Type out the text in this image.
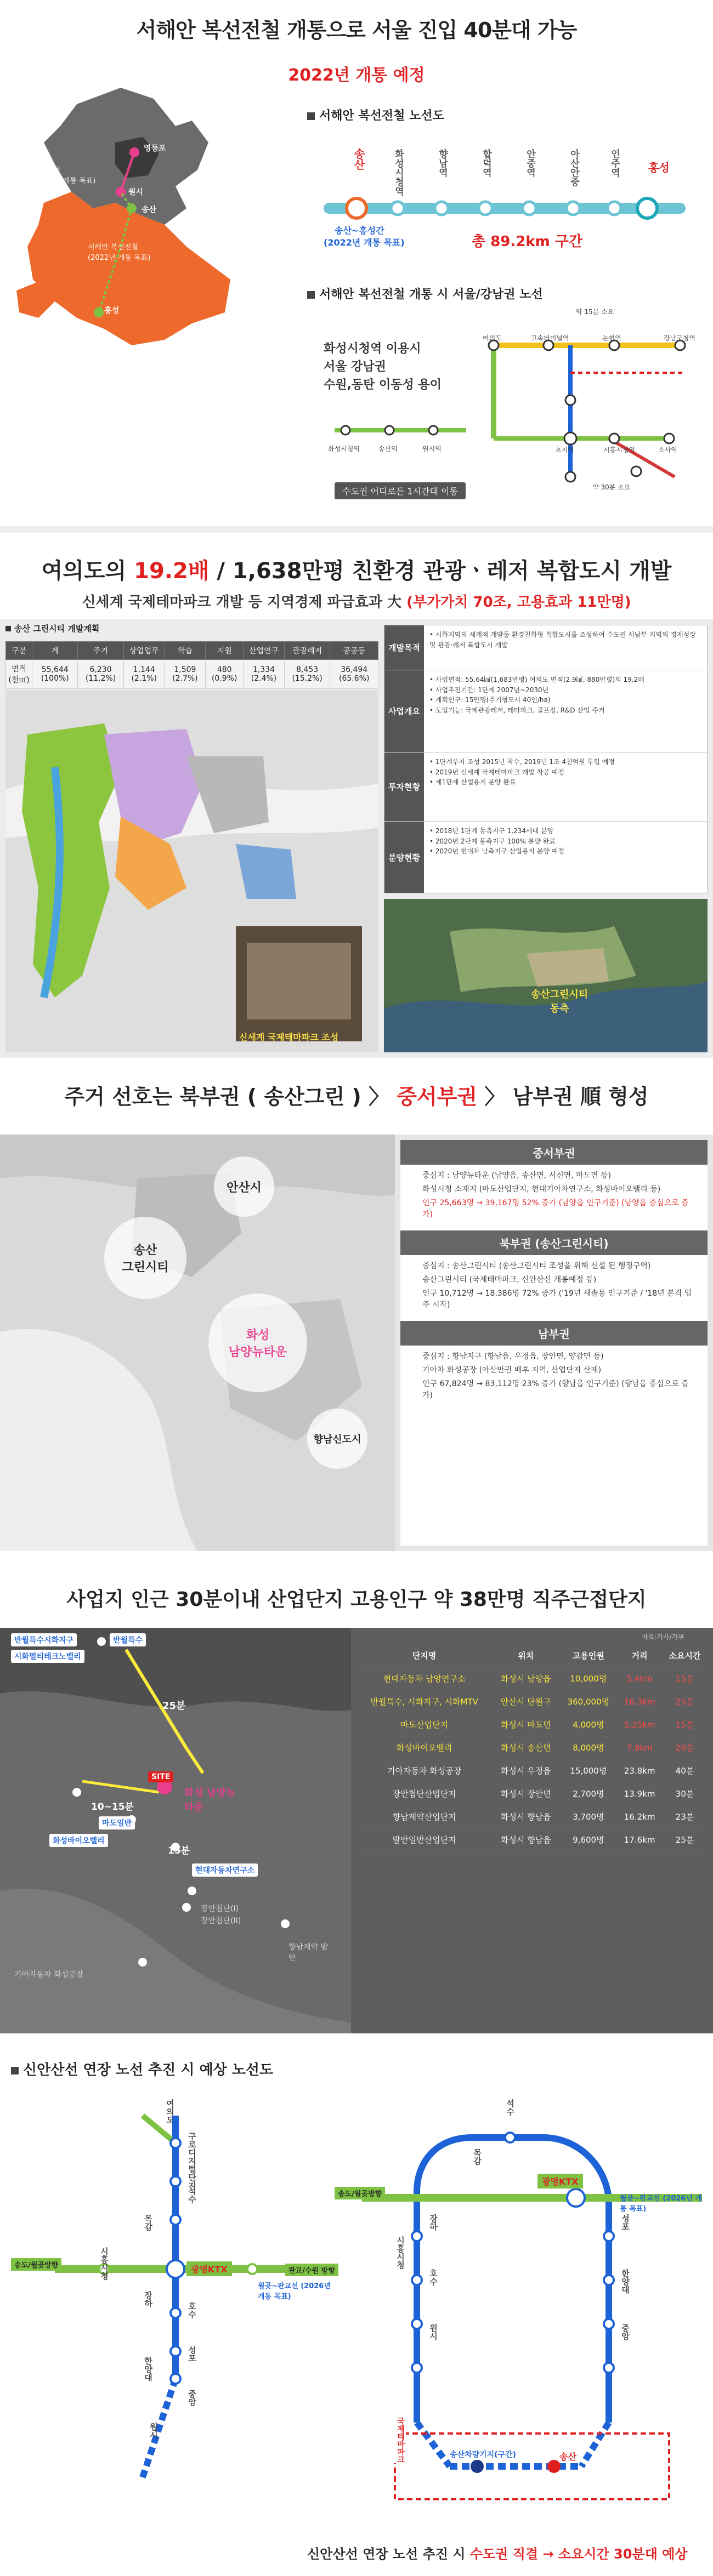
서해안 복선전철 개통으로 서울 진입 40분대 가능
2022년 개통 예정
영등포
원시
송산
신안산선
(2024년 개통 목표)
서해안 복선전철
(2022년 개통 목표)
홍성
서해안 복선전철 노선도
송산	홍성
화성시청역	향남역	합덕역	안중역	아산안중	인주역
송산~홍성간
(2022년 개통 목표)	총 89.2km 구간
서해안 복선전철 개통 시 서울/강남권 노선
화성시청역 이용시
서울 강남권
수원,동탄 이동성 용이
약 15분 소요
약 30분 소요
여의도	고속터미널역	논현역	강남구청역
화성시청역	송산역	원시역	초지역	시흥시청역	소사역
수도권 어디로든 1시간대 이동
여의도의 19.2배 / 1,638만평 친환경 관광ㆍ레저 복합도시 개발
신세계 국제테마파크 개발 등 지역경제 파급효과 大 (부가가치 70조, 고용효과 11만명)
송산 그린시티 개발계획
구분	계	주거	상업업무	학습	지원	산업연구	관광레저	공공등
면적(천㎡)	55,644 (100%)	6,230 (11.2%)	1,144 (2.1%)	1,509 (2.7%)	480 (0.9%)	1,334 (2.4%)	8,453 (15.2%)	36,494 (65.6%)
신세계 국제테마파크 조성
개발목적
• 시화지역의 세계적 개발등 환경친화형 복합도시를 조성하여 수도권 서남부 지역의 경제성장 및 관광·레저 복합도시 개발
사업개요
• 사업면적: 55.64㎢(1,683만평) 여의도 면적(2.9㎢, 880만평)의 19.2배
• 사업추진기간: 1단계 2007년~2030년
• 계획인구: 15만명(주거형도시 40인/ha)
• 도입기능: 국제관광레저, 테마파크, 골프장, R&D 산업 주거
투자현황
• 1단계부지 조성 2015년 착수, 2019년 1조 4천억원 투입 예정
• 2019년 신세계 국제테마파크 개발 착공 예정
• 제1단계 산업용지 분양 완료
분양현황
• 2018년 1단계 동측지구 1,234세대 분양
• 2020년 2단계 동측지구 100% 분양 완료
• 2020년 현대차 남측지구 산업용지 분양 예정
송산그린시티
동측
주거 선호는 북부권 ( 송산그린 ) 〉 중서부권 〉 남부권 順 형성
안산시
송산
그린시티
화성
남양뉴타운
향남신도시
중서부권
중심지 : 남양뉴타운 (남양읍, 송산면, 서신면, 마도면 등)
화성시청 소재지 (마도산업단지, 현대기아차연구소, 화성바이오밸리 등)
인구 25,663명 → 39,167명 52% 증가 (남양읍 인구기준) (남양읍 중심으로 증가)
북부권 (송산그린시티)
중심지 : 송산그린시티 (송산그린시티 조성을 위해 신설 된 행정구역)
송산그린시티 (국제테마파크, 신안산선 개통예정 등)
인구 10,712명 → 18,386명 72% 증가 ('19년 새솔동 인구기준 / '18년 본격 입주 시작)
남부권
중심지 : 향남지구 (향남읍, 우정읍, 장안면, 양감면 등)
기아차 화성공장 (아산만권 배후 지역, 산업단지 산재)
인구 67,824명 → 83,112명 23% 증가 (향남읍 인구기준) (향남읍 중심으로 증가)
사업지 인근 30분이내 산업단지 고용인구 약 38만명 직주근접단지
반월특수시화지구
시화멀티테크노밸리
반월특수
25분
SITE
화성 남양뉴타운
10~15분
마도일반
화성바이오밸리
15분
현대자동차연구소
장안첨단(I)
장안첨단(II)
향남제약 발안
기아자동차 화성공장
자료:각사/각부
단지명	위치	고용인원	거리	소요시간
현대자동차 남양연구소	화성시 남양읍	10,000명	5.4km	15분
반월특수, 시화지구, 시화MTV	안산시 단원구	360,000명	16.3km	25분
마도산업단지	화성시 마도면	4,000명	5.25km	15분
화성바이오밸리	화성시 송산면	8,000명	7.8km	20분
기아자동차 화성공장	화성시 우정읍	15,000명	23.8km	40분
장안첨단산업단지	화성시 장안면	2,700명	13.9km	30분
향남제약산업단지	화성시 향남읍	3,700명	16.2km	23분
발안일반산업단지	화성시 향남읍	9,600명	17.6km	25분
신안산선 연장 노선 추진 시 예상 노선도
여의도
구로디지털단지
석수
목감
광명KTX
장하
시흥시청
호수
성포
한양대
중앙
원시
송도/월곶방향
월곶~판교선 (2026년 개통 목표)
판교/수원 방향
석수
광명KTX
목감
장하
시흥시청
호수
성포
한양대
중앙
원시
송산차량기지(구간)	송산
국제테마파크
송도/월곶방향
월곶~판교선 (2026년 개통 목표)
신안산선 연장 노선 추진 시 수도권 직결 → 소요시간 30분대 예상
